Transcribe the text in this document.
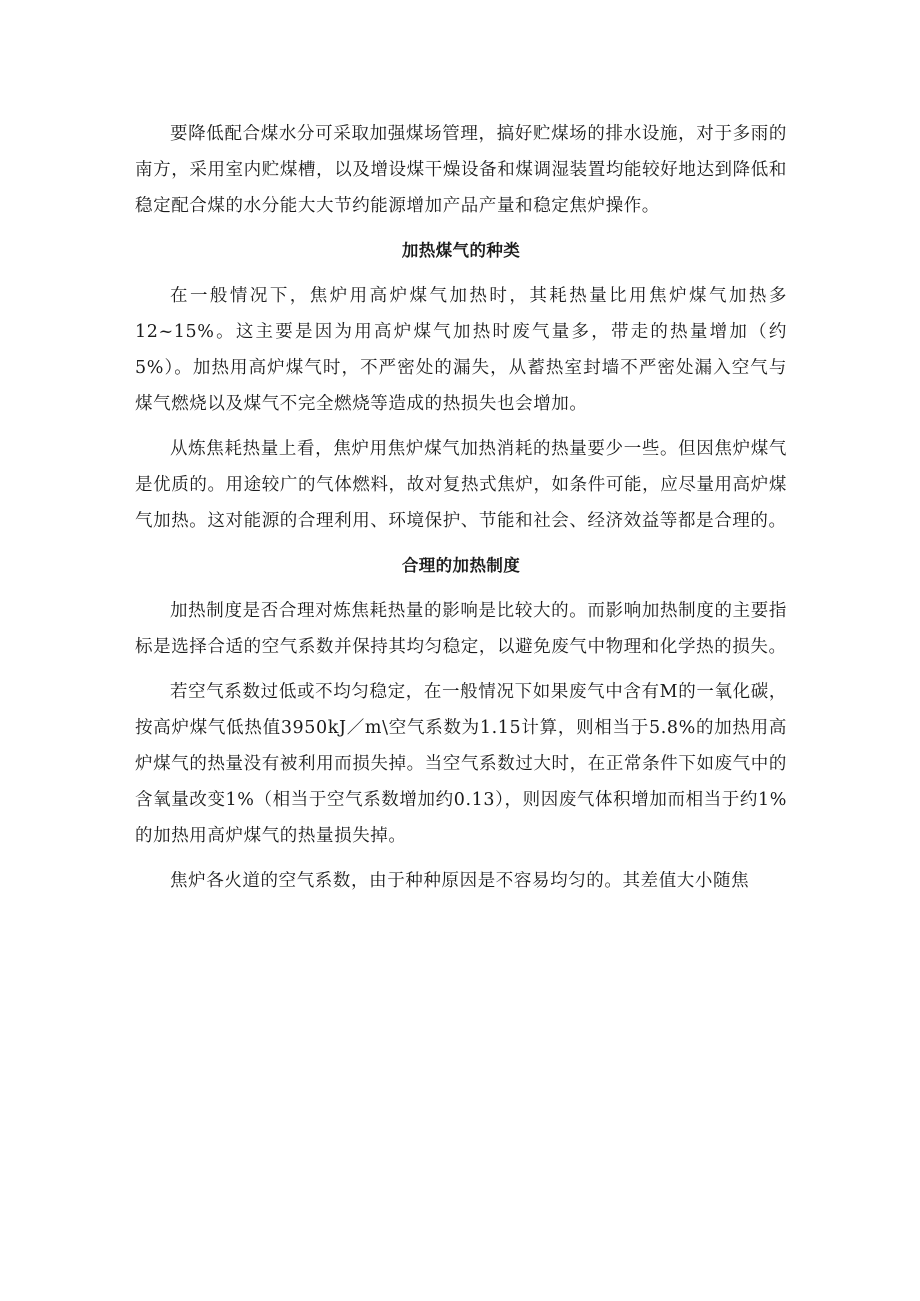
要降低配合煤水分可采取加强煤场管理，搞好贮煤场的排水设施，对于多雨的南方，采用室内贮煤槽，以及增设煤干燥设备和煤调湿装置均能较好地达到降低和稳定配合煤的水分能大大节约能源增加产品产量和稳定焦炉操作。

加热煤气的种类

在一般情况下，焦炉用高炉煤气加热时，其耗热量比用焦炉煤气加热多12~15%。这主要是因为用高炉煤气加热时废气量多，带走的热量增加（约5%）。加热用高炉煤气时，不严密处的漏失，从蓄热室封墙不严密处漏入空气与煤气燃烧以及煤气不完全燃烧等造成的热损失也会增加。

从炼焦耗热量上看，焦炉用焦炉煤气加热消耗的热量要少一些。但因焦炉煤气是优质的。用途较广的气体燃料，故对复热式焦炉，如条件可能，应尽量用高炉煤气加热。这对能源的合理利用、环境保护、节能和社会、经济效益等都是合理的。

合理的加热制度

加热制度是否合理对炼焦耗热量的影响是比较大的。而影响加热制度的主要指标是选择合适的空气系数并保持其均匀稳定，以避免废气中物理和化学热的损失。

若空气系数过低或不均匀稳定，在一般情况下如果废气中含有M的一氧化碳，按高炉煤气低热值3950kJ／m\空气系数为1.15计算，则相当于5.8%的加热用高炉煤气的热量没有被利用而损失掉。当空气系数过大时，在正常条件下如废气中的含氧量改变1%（相当于空气系数增加约0.13），则因废气体积增加而相当于约1%的加热用高炉煤气的热量损失掉。

焦炉各火道的空气系数，由于种种原因是不容易均匀的。其差值大小随焦
